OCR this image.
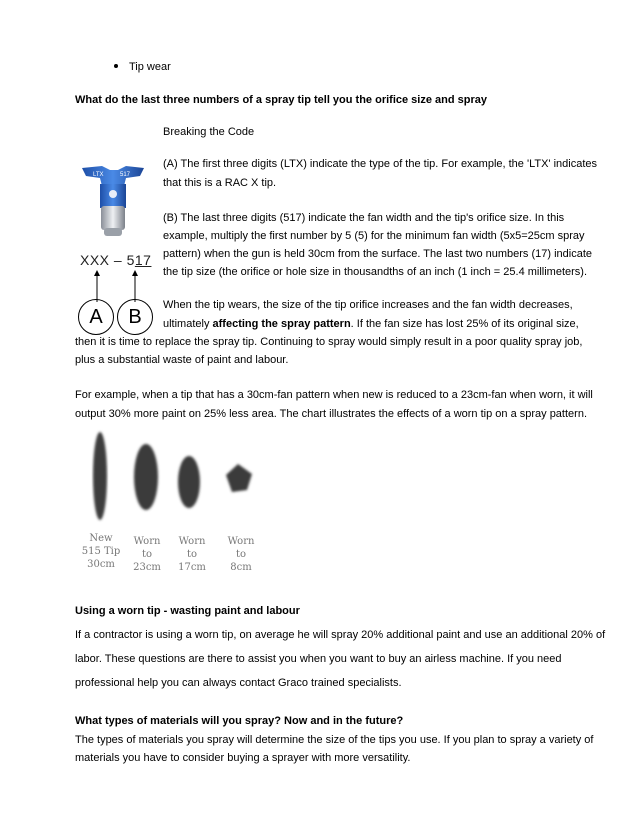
Tip wear
What do the last three numbers of a spray tip tell you the orifice size and spray
Breaking the Code
(A) The first three digits (LTX) indicate the type of the tip. For example, the 'LTX' indicates
that this is a RAC X tip.
(B) The last three digits (517) indicate the fan width and the tip's orifice size. In this
example, multiply the first number by 5 (5) for the minimum fan width (5x5=25cm spray
pattern) when the gun is held 30cm from the surface. The last two numbers (17) indicate
the tip size (the orifice or hole size in thousandths of an inch (1 inch = 25.4 millimeters).
When the tip wears, the size of the tip orifice increases and the fan width decreases,
ultimately affecting the spray pattern. If the fan size has lost 25% of its original size,
then it is time to replace the spray tip. Continuing to spray would simply result in a poor quality spray job,
plus a substantial waste of paint and labour.
LTX	517
XXX – 517
A	B
For example, when a tip that has a 30cm-fan pattern when new is reduced to a 23cm-fan when worn, it will
output 30% more paint on 25% less area. The chart illustrates the effects of a worn tip on a spray pattern.
New
515 Tip
30cm
Worn
to
23cm
Worn
to
17cm
Worn
to
8cm
Using a worn tip - wasting paint and labour
If a contractor is using a worn tip, on average he will spray 20% additional paint and use an additional 20% of
labor. These questions are there to assist you when you want to buy an airless machine. If you need
professional help you can always contact Graco trained specialists.
What types of materials will you spray? Now and in the future?
The types of materials you spray will determine the size of the tips you use. If you plan to spray a variety of
materials you have to consider buying a sprayer with more versatility.
